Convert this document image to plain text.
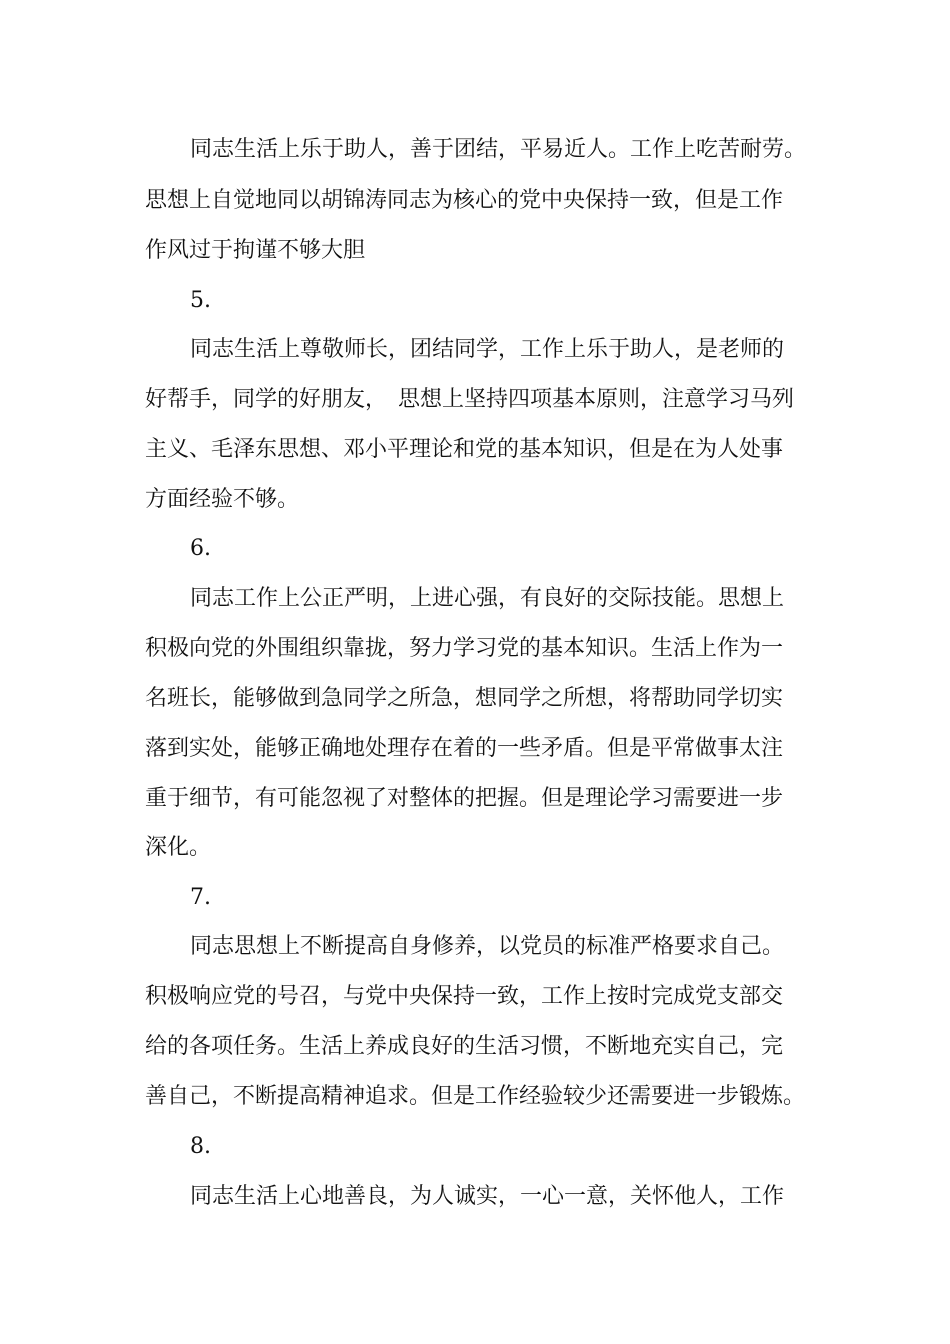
同志生活上乐于助人，善于团结，平易近人。工作上吃苦耐劳。
思想上自觉地同以胡锦涛同志为核心的党中央保持一致，但是工作
作风过于拘谨不够大胆
5.
同志生活上尊敬师长，团结同学，工作上乐于助人，是老师的
好帮手，同学的好朋友，　思想上坚持四项基本原则，注意学习马列
主义、毛泽东思想、邓小平理论和党的基本知识，但是在为人处事
方面经验不够。
6.
同志工作上公正严明，上进心强，有良好的交际技能。思想上
积极向党的外围组织靠拢，努力学习党的基本知识。生活上作为一
名班长，能够做到急同学之所急，想同学之所想，将帮助同学切实
落到实处，能够正确地处理存在着的一些矛盾。但是平常做事太注
重于细节，有可能忽视了对整体的把握。但是理论学习需要进一步
深化。
7.
同志思想上不断提高自身修养，以党员的标准严格要求自己。
积极响应党的号召，与党中央保持一致，工作上按时完成党支部交
给的各项任务。生活上养成良好的生活习惯，不断地充实自己，完
善自己，不断提高精神追求。但是工作经验较少还需要进一步锻炼。
8.
同志生活上心地善良，为人诚实，一心一意，关怀他人，工作
